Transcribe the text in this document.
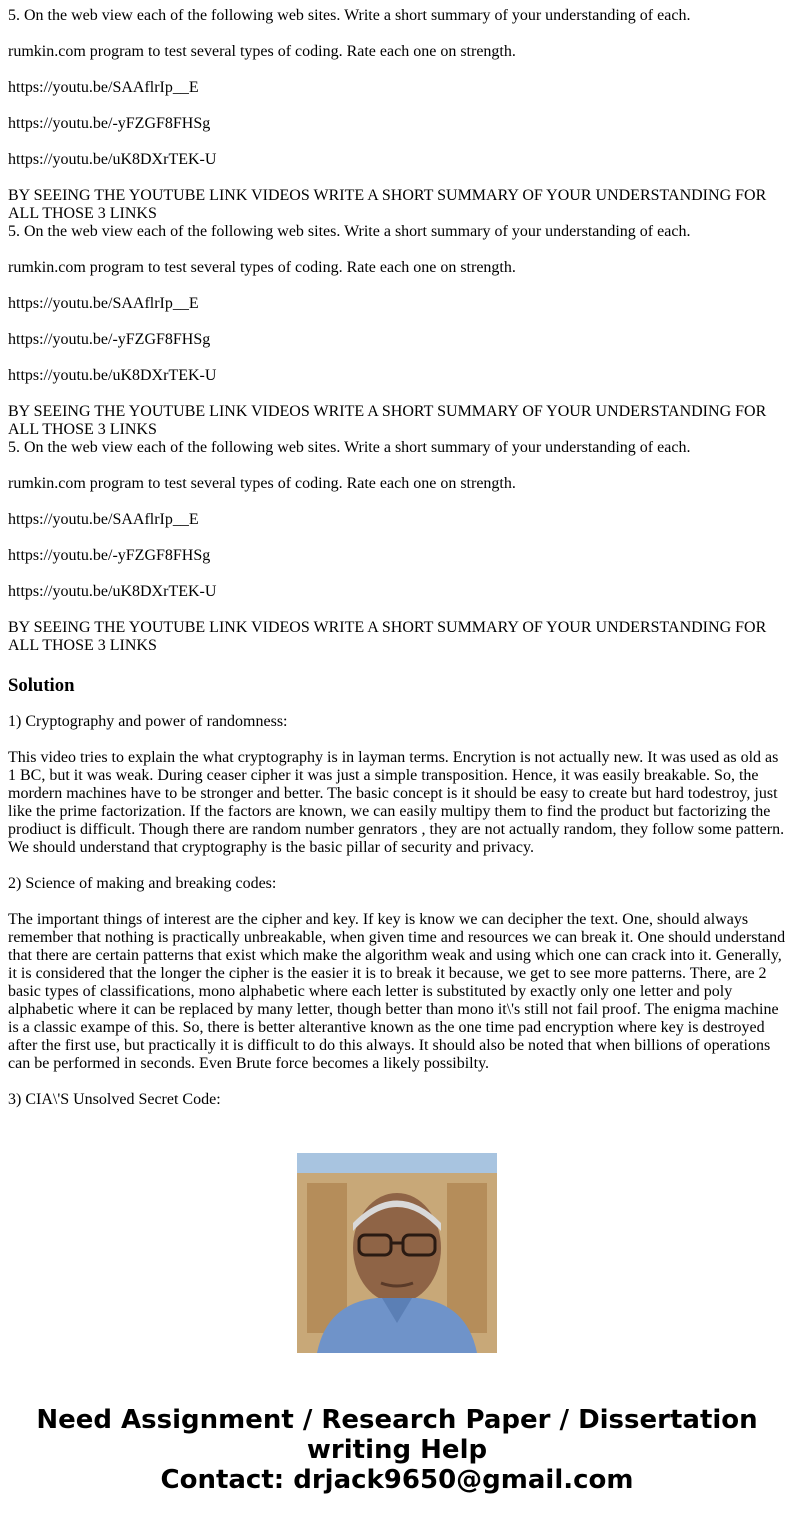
5. On the web view each of the following web sites. Write a short summary of your understanding of each.

rumkin.com program to test several types of coding. Rate each one on strength.

https://youtu.be/SAAflrIp__E

https://youtu.be/-yFZGF8FHSg

https://youtu.be/uK8DXrTEK-U

BY SEEING THE YOUTUBE LINK VIDEOS WRITE A SHORT SUMMARY OF YOUR UNDERSTANDING FOR ALL THOSE 3 LINKS

5. On the web view each of the following web sites. Write a short summary of your understanding of each.

rumkin.com program to test several types of coding. Rate each one on strength.

https://youtu.be/SAAflrIp__E

https://youtu.be/-yFZGF8FHSg

https://youtu.be/uK8DXrTEK-U

BY SEEING THE YOUTUBE LINK VIDEOS WRITE A SHORT SUMMARY OF YOUR UNDERSTANDING FOR ALL THOSE 3 LINKS

5. On the web view each of the following web sites. Write a short summary of your understanding of each.

rumkin.com program to test several types of coding. Rate each one on strength.

https://youtu.be/SAAflrIp__E

https://youtu.be/-yFZGF8FHSg

https://youtu.be/uK8DXrTEK-U

BY SEEING THE YOUTUBE LINK VIDEOS WRITE A SHORT SUMMARY OF YOUR UNDERSTANDING FOR ALL THOSE 3 LINKS

Solution

1) Cryptography and power of randomness:

This video tries to explain the what cryptography is in layman terms. Encrytion is not actually new. It was used as old as 1 BC, but it was weak. During ceaser cipher it was just a simple transposition. Hence, it was easily breakable. So, the mordern machines have to be stronger and better. The basic concept is it should be easy to create but hard todestroy, just like the prime factorization. If the factors are known, we can easily multipy them to find the product but factorizing the prodiuct is difficult. Though there are random number genrators , they are not actually random, they follow some pattern. We should understand that cryptography is the basic pillar of security and privacy.

2) Science of making and breaking codes:

The important things of interest are the cipher and key. If key is know we can decipher the text. One, should always remember that nothing is practically unbreakable, when given time and resources we can break it. One should understand that there are certain patterns that exist which make the algorithm weak and using which one can crack into it. Generally, it is considered that the longer the cipher is the easier it is to break it because, we get to see more patterns. There, are 2 basic types of classifications, mono alphabetic where each letter is substituted by exactly only one letter and poly alphabetic where it can be replaced by many letter, though better than mono it\'s still not fail proof. The enigma machine is a classic exampe of this. So, there is better alterantive known as the one time pad encryption where key is destroyed after the first use, but practically it is difficult to do this always. It should also be noted that when billions of operations can be performed in seconds. Even Brute force becomes a likely possibilty.

3) CIA\'S Unsolved Secret Code:

Need Assignment / Research Paper / Dissertation writing Help
Contact: drjack9650@gmail.com
